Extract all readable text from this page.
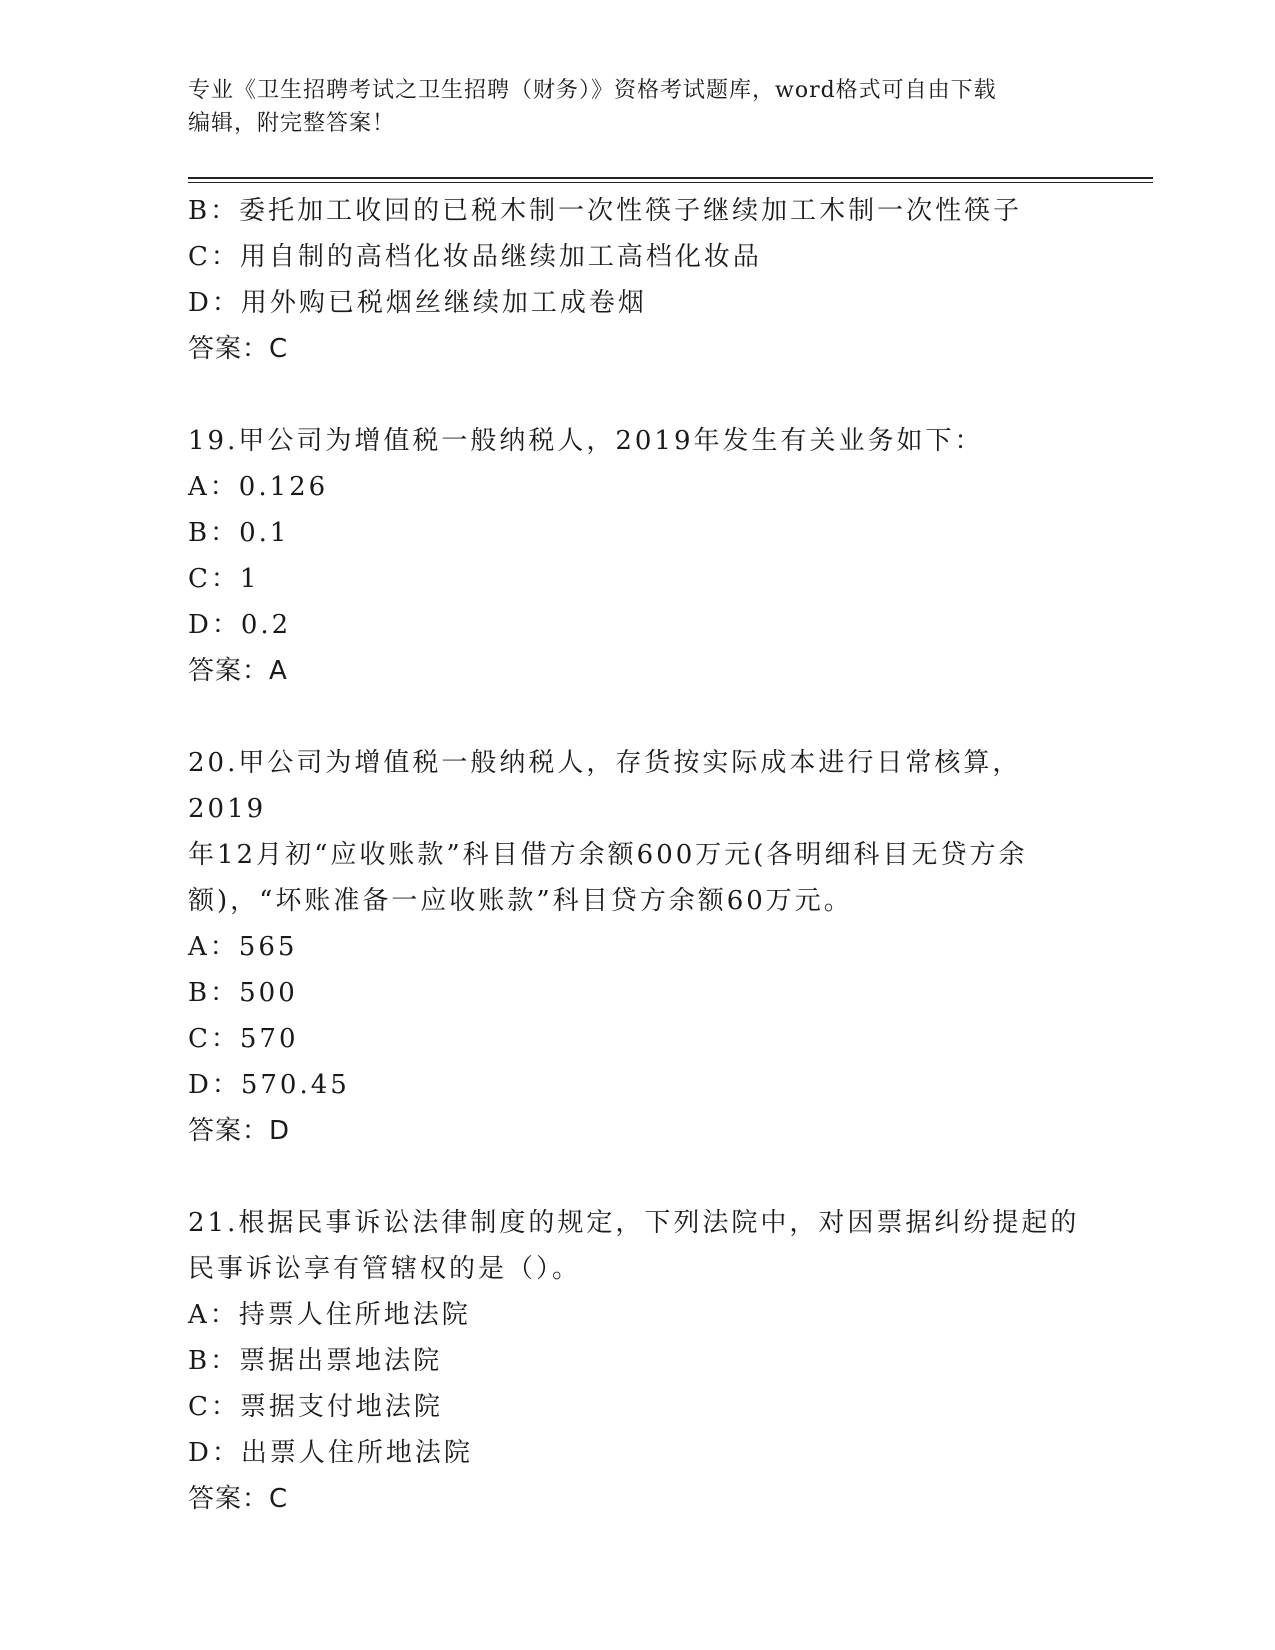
专业《卫生招聘考试之卫生招聘（财务）》资格考试题库，word格式可自由下载
编辑，附完整答案！
B：委托加工收回的已税木制一次性筷子继续加工木制一次性筷子
C：用自制的高档化妆品继续加工高档化妆品
D：用外购已税烟丝继续加工成卷烟
答案：C
19.甲公司为增值税一般纳税人，2019年发生有关业务如下：
A：0.126
B：0.1
C：1
D：0.2
答案：A
20.甲公司为增值税一般纳税人，存货按实际成本进行日常核算，2019
年12月初“应收账款”科目借方余额600万元(各明细科目无贷方余
额)，“坏账准备一应收账款”科目贷方余额60万元。
A：565
B：500
C：570
D：570.45
答案：D
21.根据民事诉讼法律制度的规定，下列法院中，对因票据纠纷提起的
民事诉讼享有管辖权的是（）。
A：持票人住所地法院
B：票据出票地法院
C：票据支付地法院
D：出票人住所地法院
答案：C
